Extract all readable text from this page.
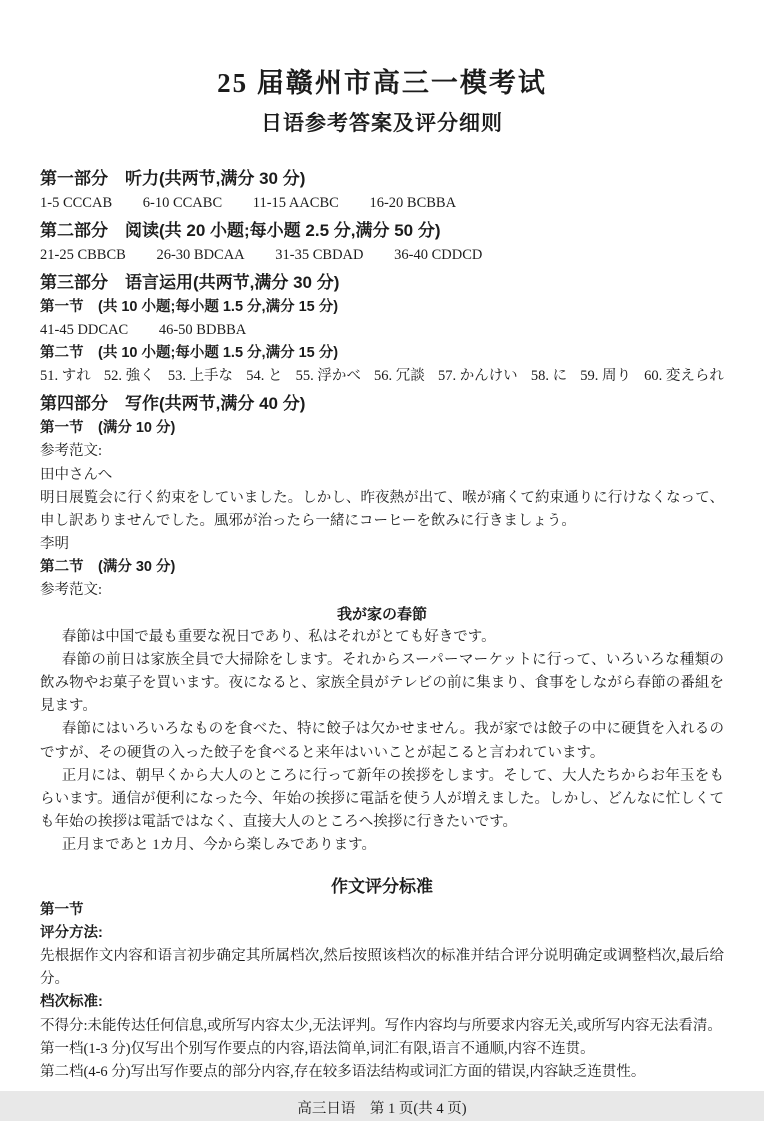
25 届赣州市高三一模考试
日语参考答案及评分细则
第一部分　听力(共两节,满分 30 分)
1-5 CCCAB 6-10 CCABC 11-15 AACBC 16-20 BCBBA
第二部分　阅读(共 20 小题;每小题 2.5 分,满分 50 分)
21-25 CBBCB 26-30 BDCAA 31-35 CBDAD 36-40 CDDCD
第三部分　语言运用(共两节,满分 30 分)
第一节　(共 10 小题;每小题 1.5 分,满分 15 分)
41-45 DDCAC 46-50 BDBBA
第二节　(共 10 小题;每小题 1.5 分,满分 15 分)
51. すれ 52. 強く 53. 上手な 54. と 55. 浮かべ 56. 冗談 57. かんけい 58. に 59. 周り 60. 変えられ
第四部分　写作(共两节,满分 40 分)
第一节　(满分 10 分)
参考范文:
田中さんへ
明日展覧会に行く約束をしていました。しかし、昨夜熱が出て、喉が痛くて約束通りに行けなくなって、申し訳ありませんでした。風邪が治ったら一緒にコーヒーを飲みに行きましょう。
李明
第二节　(满分 30 分)
参考范文:
我が家の春節
春節は中国で最も重要な祝日であり、私はそれがとても好きです。
春節の前日は家族全員で大掃除をします。それからスーパーマーケットに行って、いろいろな種類の飲み物やお菓子を買います。夜になると、家族全員がテレビの前に集まり、食事をしながら春節の番組を見ます。
春節にはいろいろなものを食べた、特に餃子は欠かせません。我が家では餃子の中に硬貨を入れるのですが、その硬貨の入った餃子を食べると来年はいいことが起こると言われています。
正月には、朝早くから大人のところに行って新年の挨拶をします。そして、大人たちからお年玉をもらいます。通信が便利になった今、年始の挨拶に電話を使う人が増えました。しかし、どんなに忙しくても年始の挨拶は電話ではなく、直接大人のところへ挨拶に行きたいです。
正月まであと 1カ月、今から楽しみであります。
作文评分标准
第一节
评分方法:
先根据作文内容和语言初步确定其所属档次,然后按照该档次的标准并结合评分说明确定或调整档次,最后给分。
档次标准:
不得分:未能传达任何信息,或所写内容太少,无法评判。写作内容均与所要求内容无关,或所写内容无法看清。
第一档(1-3 分)仅写出个别写作要点的内容,语法简单,词汇有限,语言不通顺,内容不连贯。
第二档(4-6 分)写出写作要点的部分内容,存在较多语法结构或词汇方面的错误,内容缺乏连贯性。
高三日语　第 1 页(共 4 页)
